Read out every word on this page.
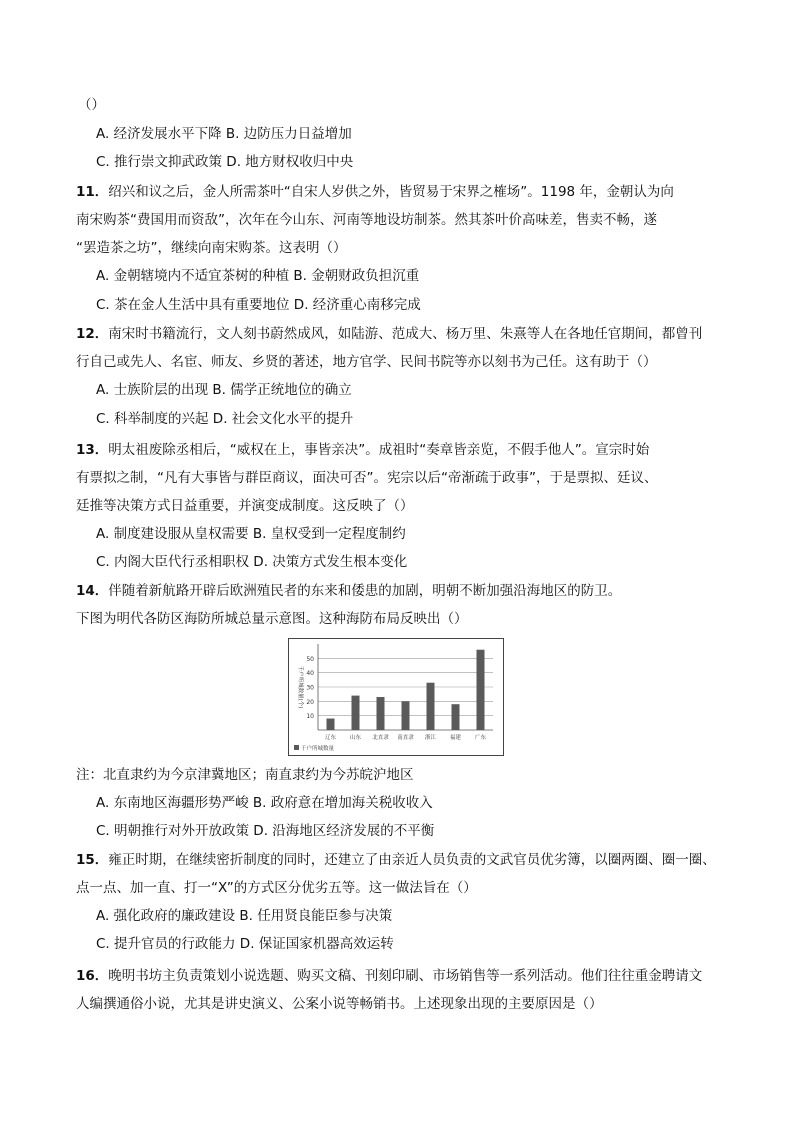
（）
A. 经济发展水平下降 B. 边防压力日益增加
C. 推行崇文抑武政策 D. 地方财权收归中央
11．绍兴和议之后，金人所需茶叶“自宋人岁供之外，皆贸易于宋界之榷场”。1198 年，金朝认为向
南宋购茶“费国用而资敌”，次年在今山东、河南等地设坊制茶。然其茶叶价高味差，售卖不畅，遂
“罢造茶之坊”，继续向南宋购茶。这表明（）
A. 金朝辖境内不适宜茶树的种植 B. 金朝财政负担沉重
C. 茶在金人生活中具有重要地位 D. 经济重心南移完成
12．南宋时书籍流行，文人刻书蔚然成风，如陆游、范成大、杨万里、朱熹等人在各地任官期间，都曾刊
行自己或先人、名宦、师友、乡贤的著述，地方官学、民间书院等亦以刻书为己任。这有助于（）
A. 士族阶层的出现 B. 儒学正统地位的确立
C. 科举制度的兴起 D. 社会文化水平的提升
13．明太祖废除丞相后，“威权在上，事皆亲决”。成祖时“奏章皆亲览，不假手他人”。宣宗时始
有票拟之制，“凡有大事皆与群臣商议，面决可否”。宪宗以后“帝渐疏于政事”，于是票拟、廷议、
廷推等决策方式日益重要，并演变成制度。这反映了（）
A. 制度建设服从皇权需要 B. 皇权受到一定程度制约
C. 内阁大臣代行丞相职权 D. 决策方式发生根本变化
14．伴随着新航路开辟后欧洲殖民者的东来和倭患的加剧，明朝不断加强沿海地区的防卫。
下图为明代各防区海防所城总量示意图。这种海防布局反映出（）
10
20
30
40
50
千户所城数量(个)
辽东	山东 北直隶 南直隶 浙江	福建	广东
千户所城数量
注：北直隶约为今京津冀地区；南直隶约为今苏皖沪地区
A. 东南地区海疆形势严峻 B. 政府意在增加海关税收收入
C. 明朝推行对外开放政策 D. 沿海地区经济发展的不平衡
15．雍正时期，在继续密折制度的同时，还建立了由亲近人员负责的文武官员优劣簿，以圈两圈、圈一圈、
点一点、加一直、打一“X”的方式区分优劣五等。这一做法旨在（）
A. 强化政府的廉政建设 B. 任用贤良能臣参与决策
C. 提升官员的行政能力 D. 保证国家机器高效运转
16．晚明书坊主负责策划小说选题、购买文稿、刊刻印刷、市场销售等一系列活动。他们往往重金聘请文
人编撰通俗小说，尤其是讲史演义、公案小说等畅销书。上述现象出现的主要原因是（）
